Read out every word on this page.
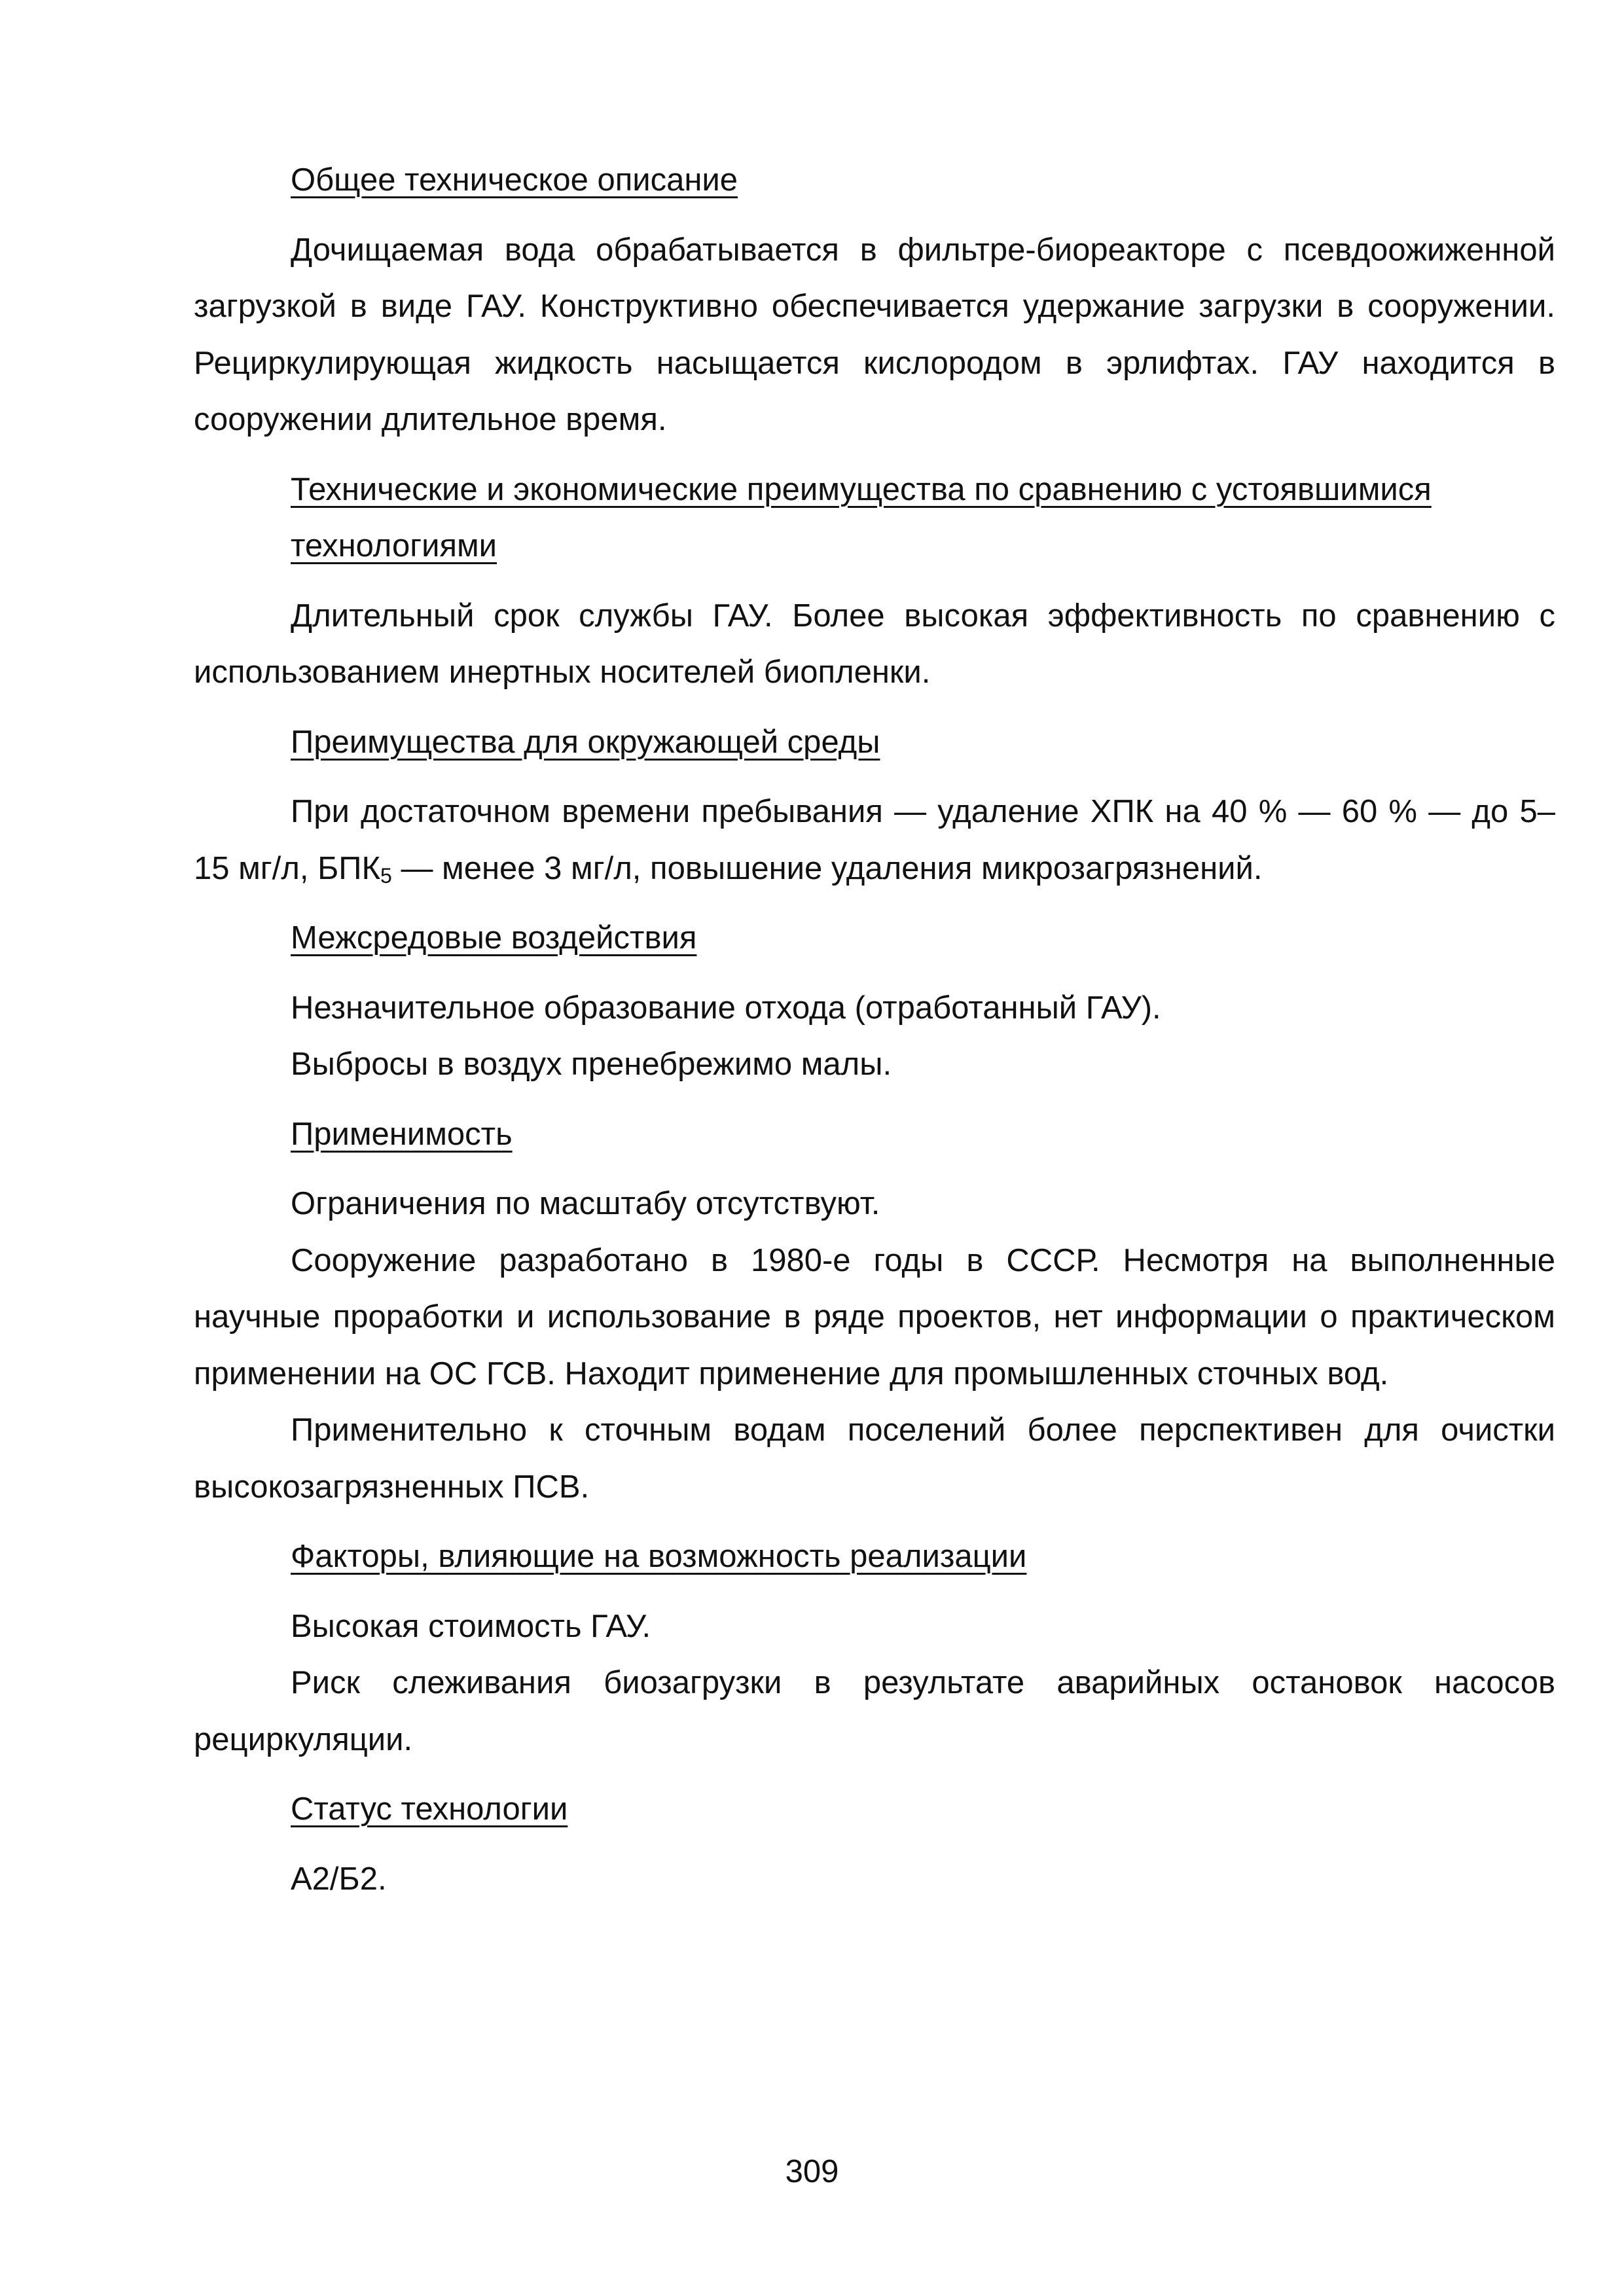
Общее техническое описание
Дочищаемая вода обрабатывается в фильтре-биореакторе с псевдоожиженной загрузкой в виде ГАУ. Конструктивно обеспечивается удержание загрузки в сооружении. Рециркулирующая жидкость насыщается кислородом в эрлифтах. ГАУ находится в сооружении длительное время.
Технические и экономические преимущества по сравнению с устоявшимися технологиями
Длительный срок службы ГАУ. Более высокая эффективность по сравнению с использованием инертных носителей биопленки.
Преимущества для окружающей среды
При достаточном времени пребывания — удаление ХПК на 40 % — 60 % — до 5–15 мг/л, $БПК_5$ — менее 3 мг/л, повышение удаления микрозагрязнений.
Межсредовые воздействия
Незначительное образование отхода (отработанный ГАУ).
Выбросы в воздух пренебрежимо малы.
Применимость
Ограничения по масштабу отсутствуют.
Сооружение разработано в 1980-е годы в СССР. Несмотря на выполненные научные проработки и использование в ряде проектов, нет информации о практическом применении на ОС ГСВ. Находит применение для промышленных сточных вод.
Применительно к сточным водам поселений более перспективен для очистки высокозагрязненных ПСВ.
Факторы, влияющие на возможность реализации
Высокая стоимость ГАУ.
Риск слеживания биозагрузки в результате аварийных остановок насосов рециркуляции.
Статус технологии
А2/Б2.
309
